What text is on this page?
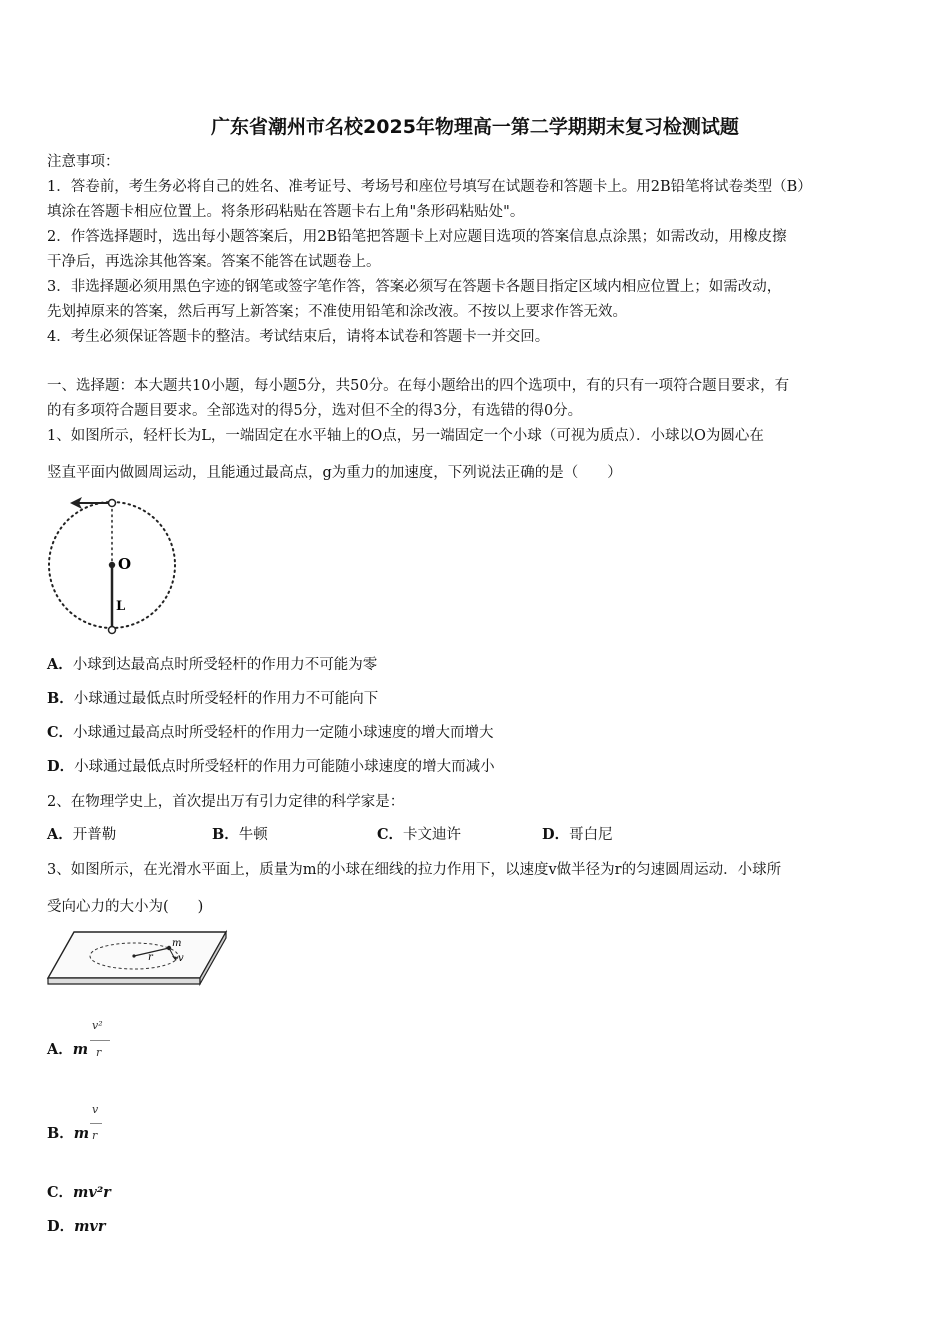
广东省潮州市名校2025年物理高一第二学期期末复习检测试题
注意事项：
1．答卷前，考生务必将自己的姓名、准考证号、考场号和座位号填写在试题卷和答题卡上。用2B铅笔将试卷类型（B）
填涂在答题卡相应位置上。将条形码粘贴在答题卡右上角"条形码粘贴处"。
2．作答选择题时，选出每小题答案后，用2B铅笔把答题卡上对应题目选项的答案信息点涂黑；如需改动，用橡皮擦
干净后，再选涂其他答案。答案不能答在试题卷上。
3．非选择题必须用黑色字迹的钢笔或签字笔作答，答案必须写在答题卡各题目指定区域内相应位置上；如需改动，
先划掉原来的答案，然后再写上新答案；不准使用铅笔和涂改液。不按以上要求作答无效。
4．考生必须保证答题卡的整洁。考试结束后，请将本试卷和答题卡一并交回。
一、选择题：本大题共10小题，每小题5分，共50分。在每小题给出的四个选项中，有的只有一项符合题目要求，有
的有多项符合题目要求。全部选对的得5分，选对但不全的得3分，有选错的得0分。
1、如图所示，轻杆长为L，一端固定在水平轴上的O点，另一端固定一个小球（可视为质点）．小球以O为圆心在
竖直平面内做圆周运动，且能通过最高点，g为重力的加速度，下列说法正确的是（　　）
O
L
A．小球到达最高点时所受轻杆的作用力不可能为零
B．小球通过最低点时所受轻杆的作用力不可能向下
C．小球通过最高点时所受轻杆的作用力一定随小球速度的增大而增大
D．小球通过最低点时所受轻杆的作用力可能随小球速度的增大而减小
2、在物理学史上，首次提出万有引力定律的科学家是：
A．开普勒	B．牛顿	C．卡文迪许	D．哥白尼
3、如图所示，在光滑水平面上，质量为m的小球在细线的拉力作用下，以速度v做半径为r的匀速圆周运动．小球所
受向心力的大小为(　　)
m
r	v
A．m
v²
r
B．m
v
r
C．mv²r
D．mvr
